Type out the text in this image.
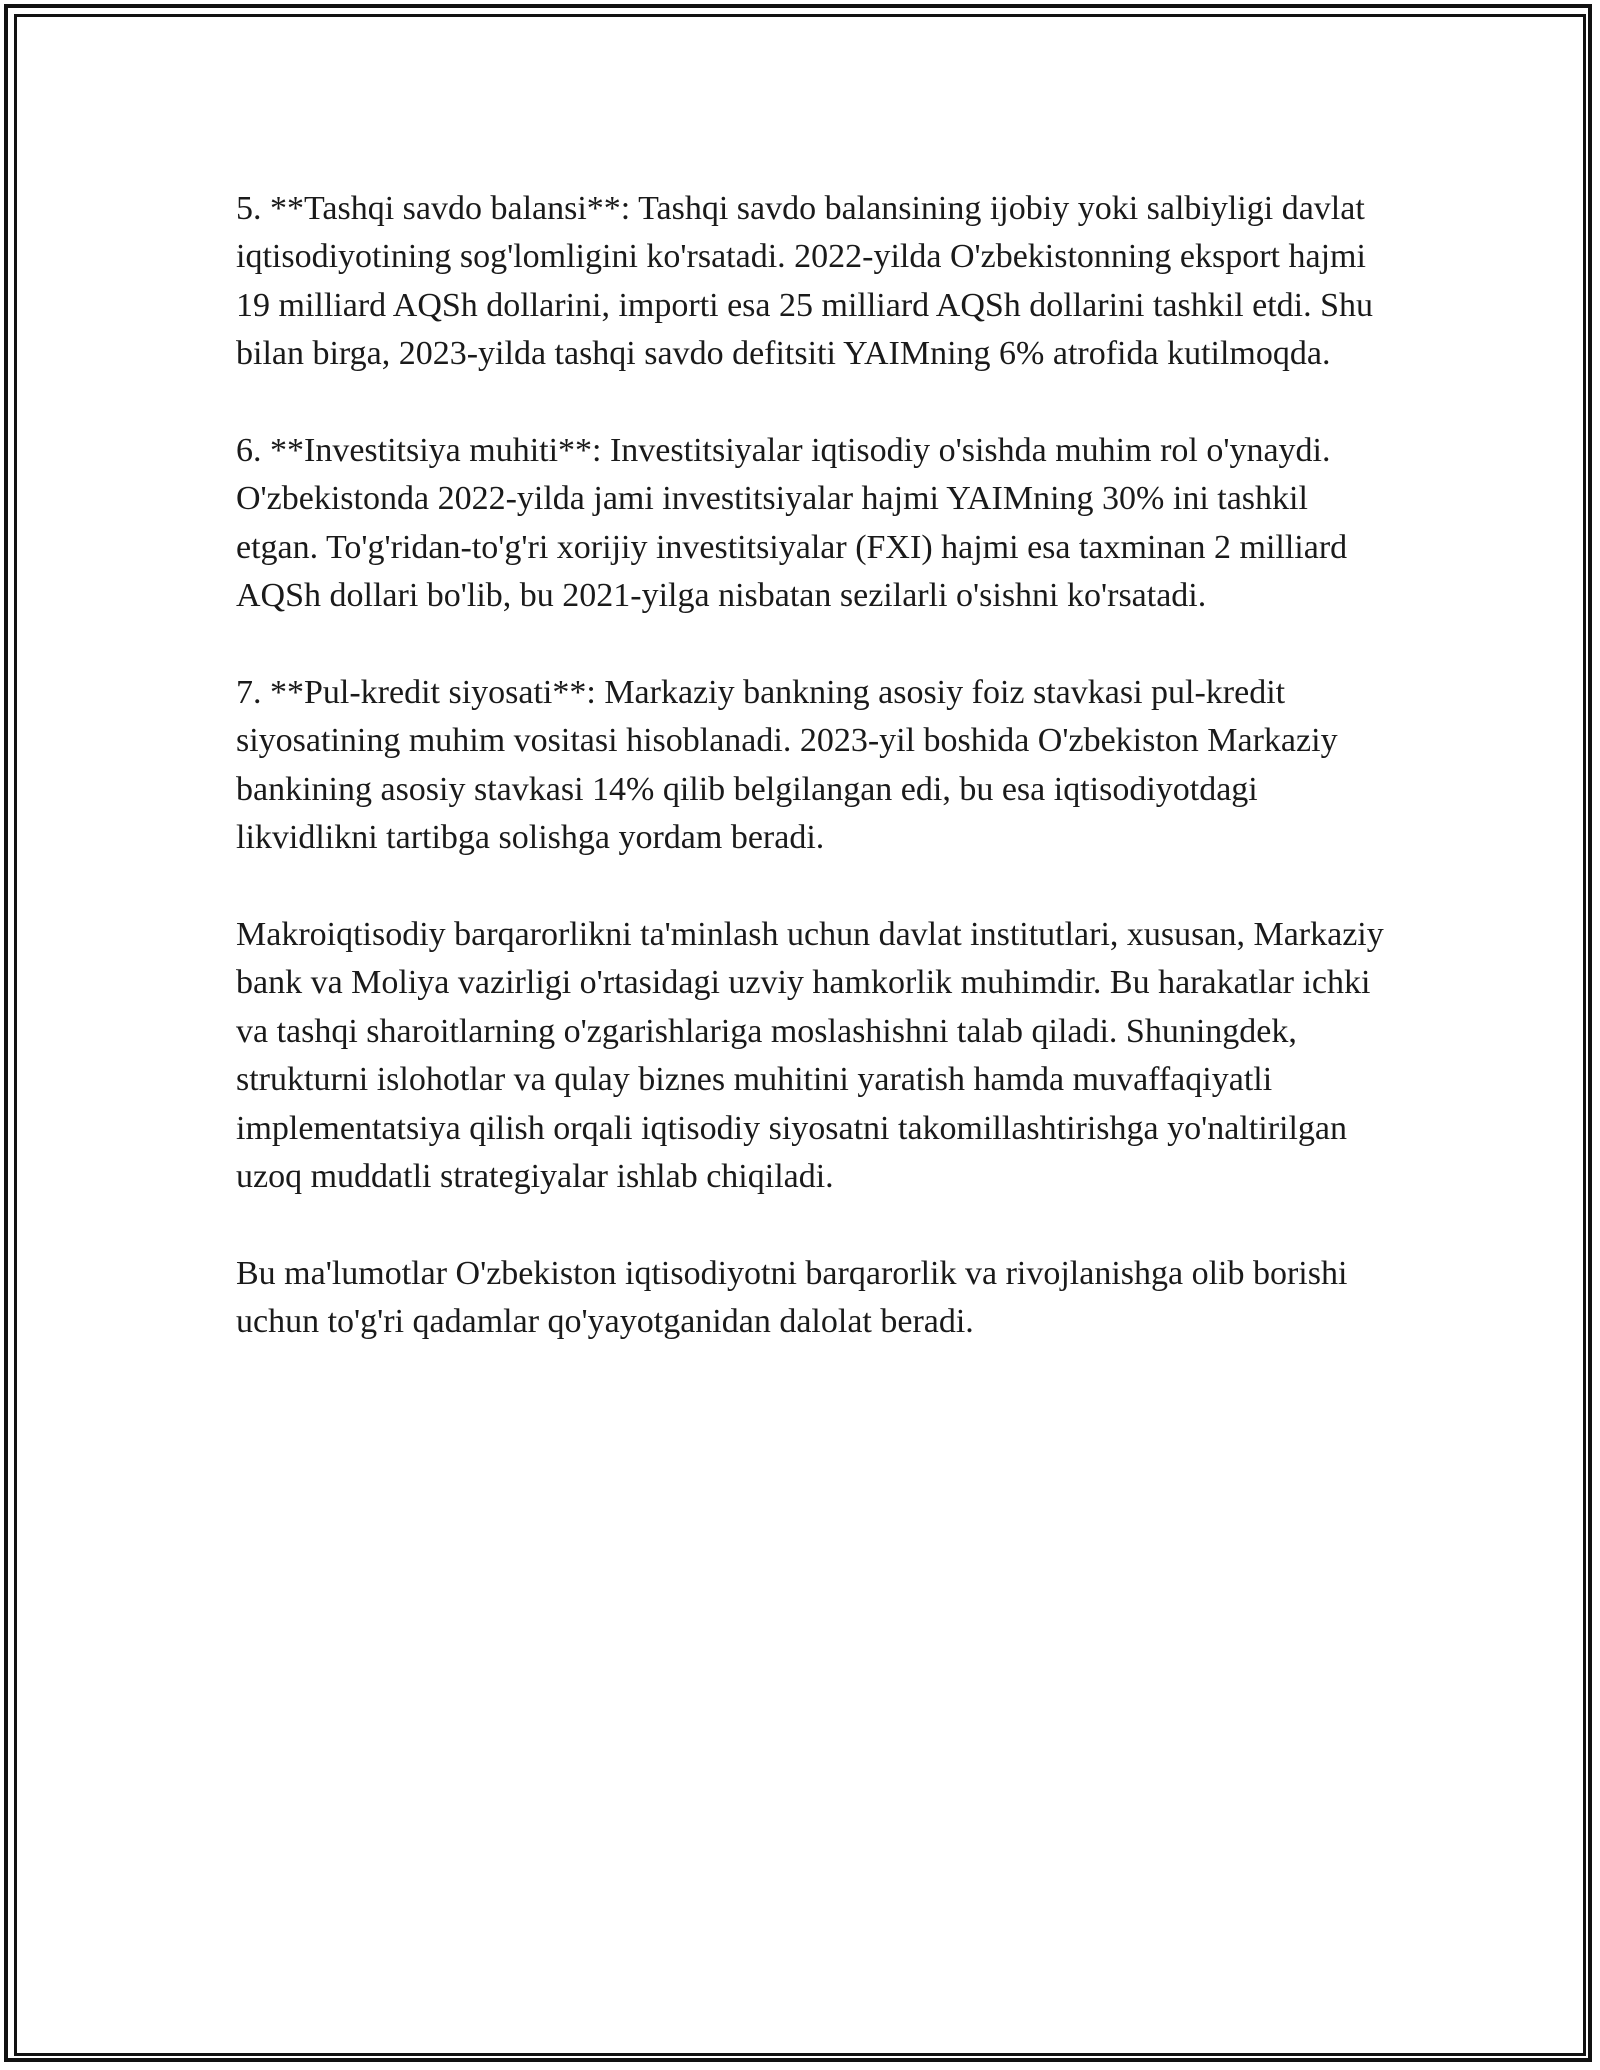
5. **Tashqi savdo balansi**: Tashqi savdo balansining ijobiy yoki salbiyligi davlat iqtisodiyotining sog'lomligini ko'rsatadi. 2022-yilda O'zbekistonning eksport hajmi 19 milliard AQSh dollarini, importi esa 25 milliard AQSh dollarini tashkil etdi. Shu bilan birga, 2023-yilda tashqi savdo defitsiti YAIMning 6% atrofida kutilmoqda.

6. **Investitsiya muhiti**: Investitsiyalar iqtisodiy o'sishda muhim rol o'ynaydi. O'zbekistonda 2022-yilda jami investitsiyalar hajmi YAIMning 30% ini tashkil etgan. To'g'ridan-to'g'ri xorijiy investitsiyalar (FXI) hajmi esa taxminan 2 milliard AQSh dollari bo'lib, bu 2021-yilga nisbatan sezilarli o'sishni ko'rsatadi.

7. **Pul-kredit siyosati**: Markaziy bankning asosiy foiz stavkasi pul-kredit siyosatining muhim vositasi hisoblanadi. 2023-yil boshida O'zbekiston Markaziy bankining asosiy stavkasi 14% qilib belgilangan edi, bu esa iqtisodiyotdagi likvidlikni tartibga solishga yordam beradi.

Makroiqtisodiy barqarorlikni ta'minlash uchun davlat institutlari, xususan, Markaziy bank va Moliya vazirligi o'rtasidagi uzviy hamkorlik muhimdir. Bu harakatlar ichki va tashqi sharoitlarning o'zgarishlariga moslashishni talab qiladi. Shuningdek, strukturni islohotlar va qulay biznes muhitini yaratish hamda muvaffaqiyatli implementatsiya qilish orqali iqtisodiy siyosatni takomillashtirishga yo'naltirilgan uzoq muddatli strategiyalar ishlab chiqiladi.

Bu ma'lumotlar O'zbekiston iqtisodiyotni barqarorlik va rivojlanishga olib borishi uchun to'g'ri qadamlar qo'yayotganidan dalolat beradi.
